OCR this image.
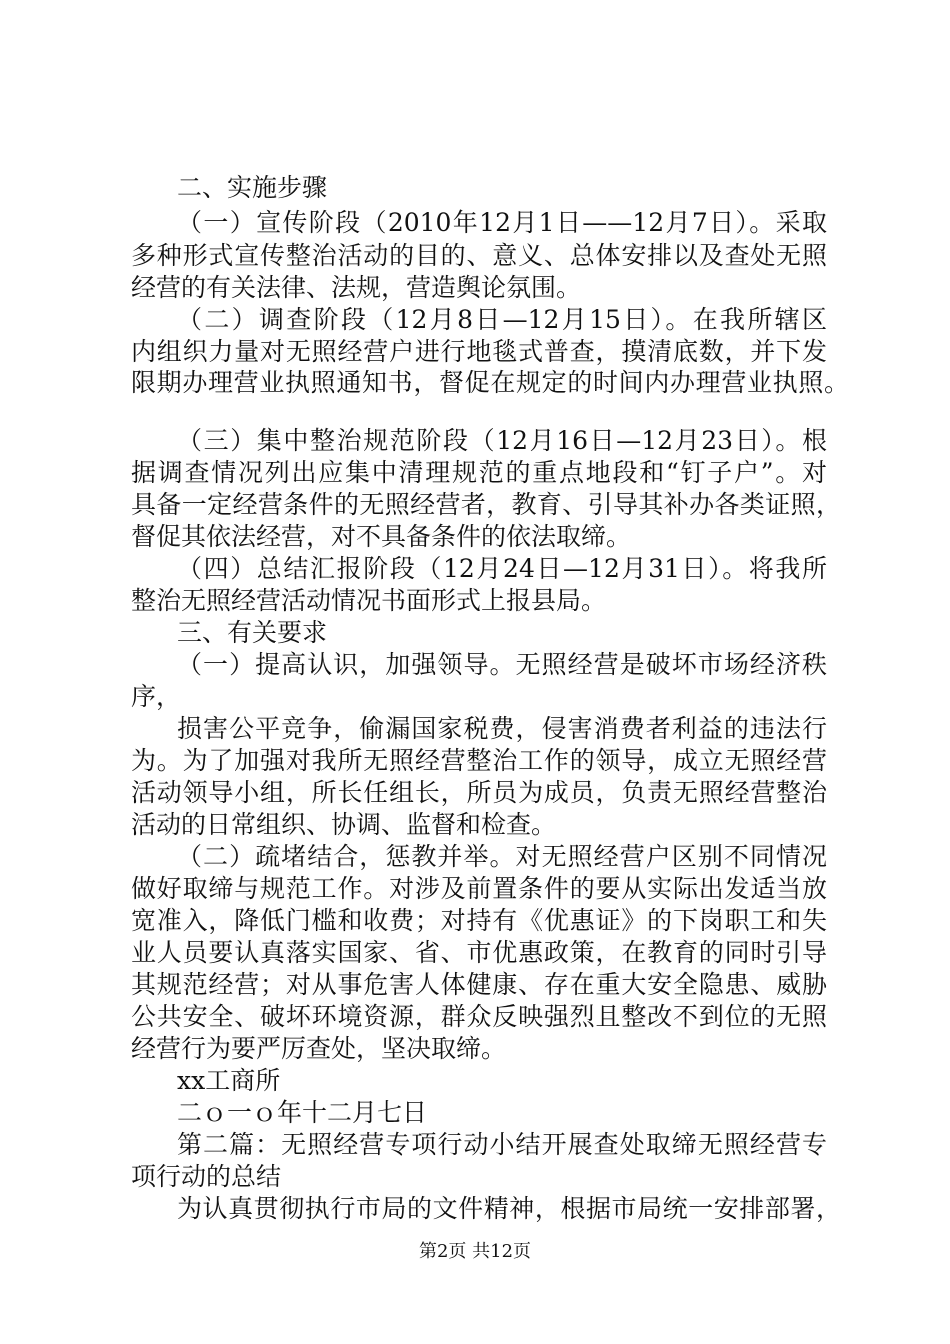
二、实施步骤
（一）宣传阶段（2010年12月1日——12月7日）。采取
多种形式宣传整治活动的目的、意义、总体安排以及查处无照
经营的有关法律、法规，营造舆论氛围。
（二）调查阶段（12月8日—12月15日）。在我所辖区
内组织力量对无照经营户进行地毯式普查，摸清底数，并下发
限期办理营业执照通知书，督促在规定的时间内办理营业执照。
（三）集中整治规范阶段（12月16日—12月23日）。根
据调查情况列出应集中清理规范的重点地段和“钉子户”。对
具备一定经营条件的无照经营者，教育、引导其补办各类证照，
督促其依法经营，对不具备条件的依法取缔。
（四）总结汇报阶段（12月24日—12月31日）。将我所
整治无照经营活动情况书面形式上报县局。
三、有关要求
（一）提高认识，加强领导。无照经营是破坏市场经济秩
序，
损害公平竞争，偷漏国家税费，侵害消费者利益的违法行
为。为了加强对我所无照经营整治工作的领导，成立无照经营
活动领导小组，所长任组长，所员为成员，负责无照经营整治
活动的日常组织、协调、监督和检查。
（二）疏堵结合，惩教并举。对无照经营户区别不同情况
做好取缔与规范工作。对涉及前置条件的要从实际出发适当放
宽准入，降低门槛和收费；对持有《优惠证》的下岗职工和失
业人员要认真落实国家、省、市优惠政策，在教育的同时引导
其规范经营；对从事危害人体健康、存在重大安全隐患、威胁
公共安全、破坏环境资源，群众反映强烈且整改不到位的无照
经营行为要严厉查处，坚决取缔。
xx工商所
二ｏ一ｏ年十二月七日
第二篇：无照经营专项行动小结开展查处取缔无照经营专
项行动的总结
为认真贯彻执行市局的文件精神，根据市局统一安排部署，
第2页 共12页
